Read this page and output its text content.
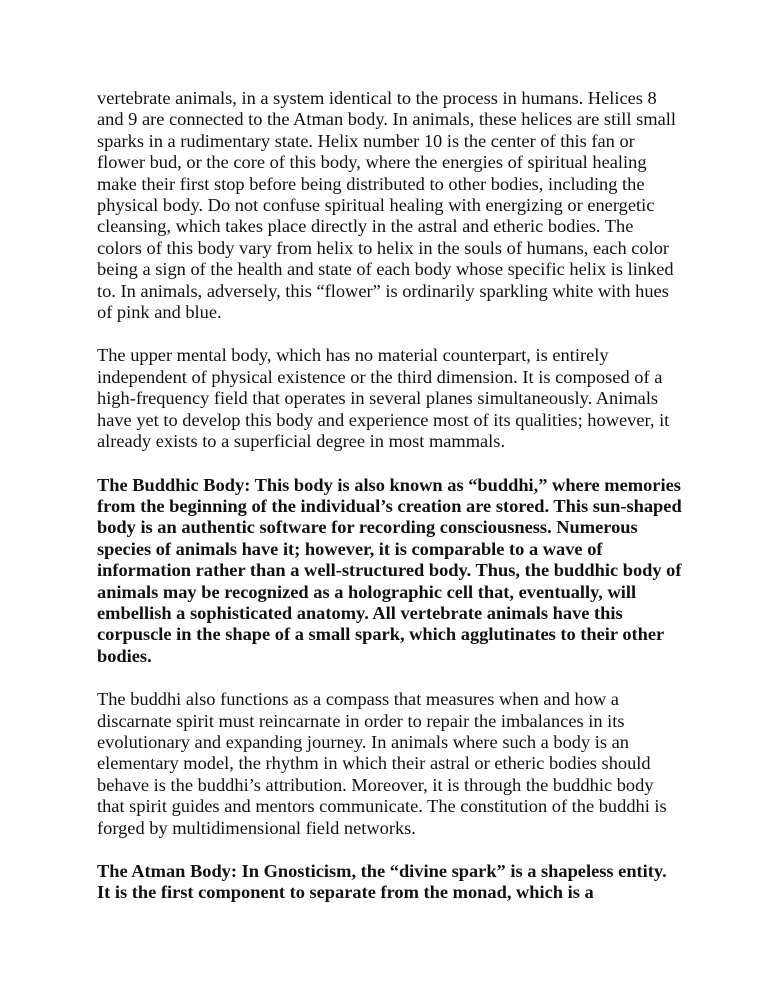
vertebrate animals, in a system identical to the process in humans. Helices 8 and 9 are connected to the Atman body. In animals, these helices are still small sparks in a rudimentary state. Helix number 10 is the center of this fan or flower bud, or the core of this body, where the energies of spiritual healing make their first stop before being distributed to other bodies, including the physical body. Do not confuse spiritual healing with energizing or energetic cleansing, which takes place directly in the astral and etheric bodies. The colors of this body vary from helix to helix in the souls of humans, each color being a sign of the health and state of each body whose specific helix is linked to. In animals, adversely, this “flower” is ordinarily sparkling white with hues of pink and blue.

The upper mental body, which has no material counterpart, is entirely independent of physical existence or the third dimension. It is composed of a high-frequency field that operates in several planes simultaneously. Animals have yet to develop this body and experience most of its qualities; however, it already exists to a superficial degree in most mammals.

The Buddhic Body: This body is also known as “buddhi,” where memories from the beginning of the individual’s creation are stored. This sun-shaped body is an authentic software for recording consciousness. Numerous species of animals have it; however, it is comparable to a wave of information rather than a well-structured body. Thus, the buddhic body of animals may be recognized as a holographic cell that, eventually, will embellish a sophisticated anatomy. All vertebrate animals have this corpuscle in the shape of a small spark, which agglutinates to their other bodies.

The buddhi also functions as a compass that measures when and how a discarnate spirit must reincarnate in order to repair the imbalances in its evolutionary and expanding journey. In animals where such a body is an elementary model, the rhythm in which their astral or etheric bodies should behave is the buddhi’s attribution. Moreover, it is through the buddhic body that spirit guides and mentors communicate. The constitution of the buddhi is forged by multidimensional field networks.

The Atman Body: In Gnosticism, the “divine spark” is a shapeless entity. It is the first component to separate from the monad, which is a
